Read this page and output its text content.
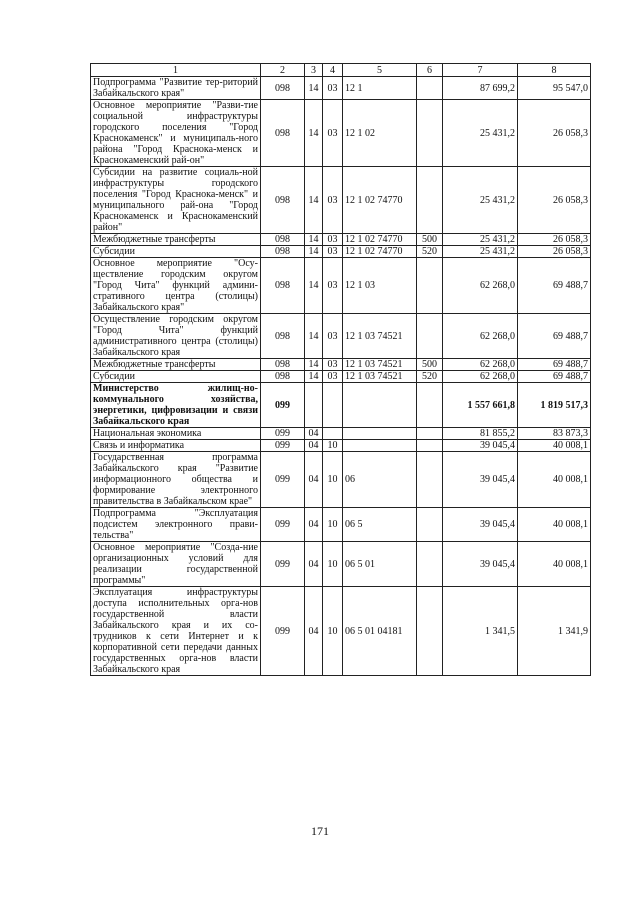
1	2	3	4	5	6	7	8
Подпрограмма "Развитие тер-риторий Забайкальского края"	098	14	03	12 1		87 699,2	95 547,0
Основное мероприятие "Разви-тие социальной инфраструктуры городского поселения "Город Краснокаменск" и муниципаль-ного района "Город Краснока-менск и Краснокаменский рай-он"	098	14	03	12 1 02		25 431,2	26 058,3
Субсидии на развитие социаль-ной инфраструктуры городского поселения "Город Краснока-менск" и муниципального рай-она "Город Краснокаменск и Краснокаменский район"	098	14	03	12 1 02 74770		25 431,2	26 058,3
Межбюджетные трансферты	098	14	03	12 1 02 74770	500	25 431,2	26 058,3
Субсидии	098	14	03	12 1 02 74770	520	25 431,2	26 058,3
Основное мероприятие "Осу-ществление городским округом "Город Чита" функций админи-стративного центра (столицы) Забайкальского края"	098	14	03	12 1 03		62 268,0	69 488,7
Осуществление городским округом "Город Чита" функций административного центра (столицы) Забайкальского края	098	14	03	12 1 03 74521		62 268,0	69 488,7
Межбюджетные трансферты	098	14	03	12 1 03 74521	500	62 268,0	69 488,7
Субсидии	098	14	03	12 1 03 74521	520	62 268,0	69 488,7
Министерство жилищ-но-коммунального хозяйства, энергетики, цифровизации и связи Забайкальского края	099					1 557 661,8	1 819 517,3
Национальная экономика	099	04				81 855,2	83 873,3
Связь и информатика	099	04	10			39 045,4	40 008,1
Государственная программа Забайкальского края "Развитие информационного общества и формирование электронного правительства в Забайкальском крае"	099	04	10	06		39 045,4	40 008,1
Подпрограмма "Эксплуатация подсистем электронного прави-тельства"	099	04	10	06 5		39 045,4	40 008,1
Основное мероприятие "Созда-ние организационных условий для реализации государственной программы"	099	04	10	06 5 01		39 045,4	40 008,1
Эксплуатация инфраструктуры доступа исполнительных орга-нов государственной власти Забайкальского края и их со-трудников к сети Интернет и к корпоративной сети передачи данных государственных орга-нов власти Забайкальского края	099	04	10	06 5 01 04181		1 341,5	1 341,9
171
